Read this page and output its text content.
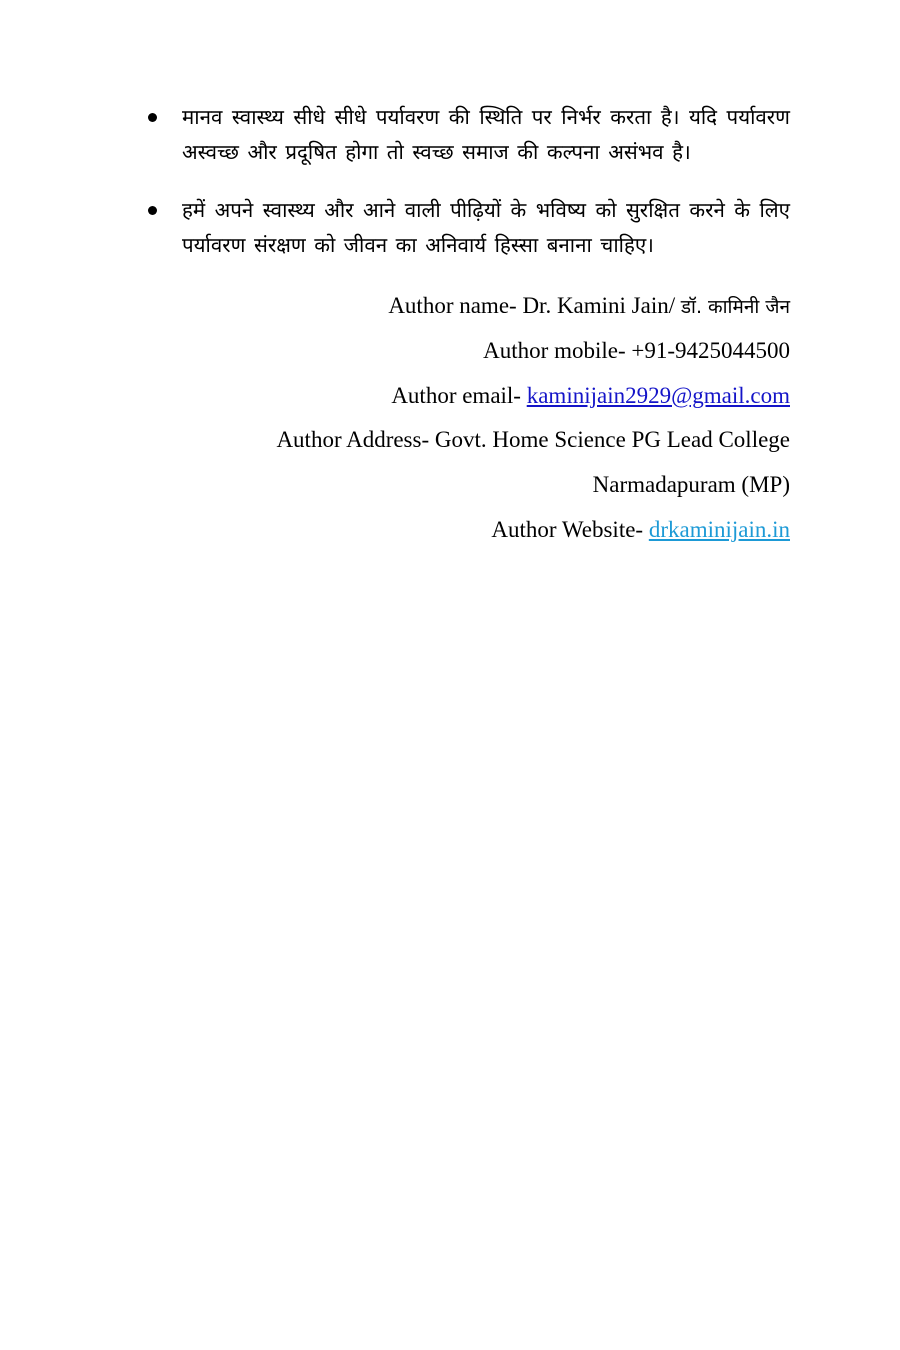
मानव स्वास्थ्य सीधे सीधे पर्यावरण की स्थिति पर निर्भर करता है। यदि पर्यावरण अस्वच्छ और प्रदूषित होगा तो स्वच्छ समाज की कल्पना असंभव है।
हमें अपने स्वास्थ्य और आने वाली पीढ़ियों के भविष्य को सुरक्षित करने के लिए पर्यावरण संरक्षण को जीवन का अनिवार्य हिस्सा बनाना चाहिए।

Author name- Dr. Kamini Jain/ डॉ. कामिनी जैन

Author mobile- +91-9425044500

Author email- kaminijain2929@gmail.com

Author Address- Govt. Home Science PG Lead College

Narmadapuram (MP)

Author Website- drkaminijain.in
